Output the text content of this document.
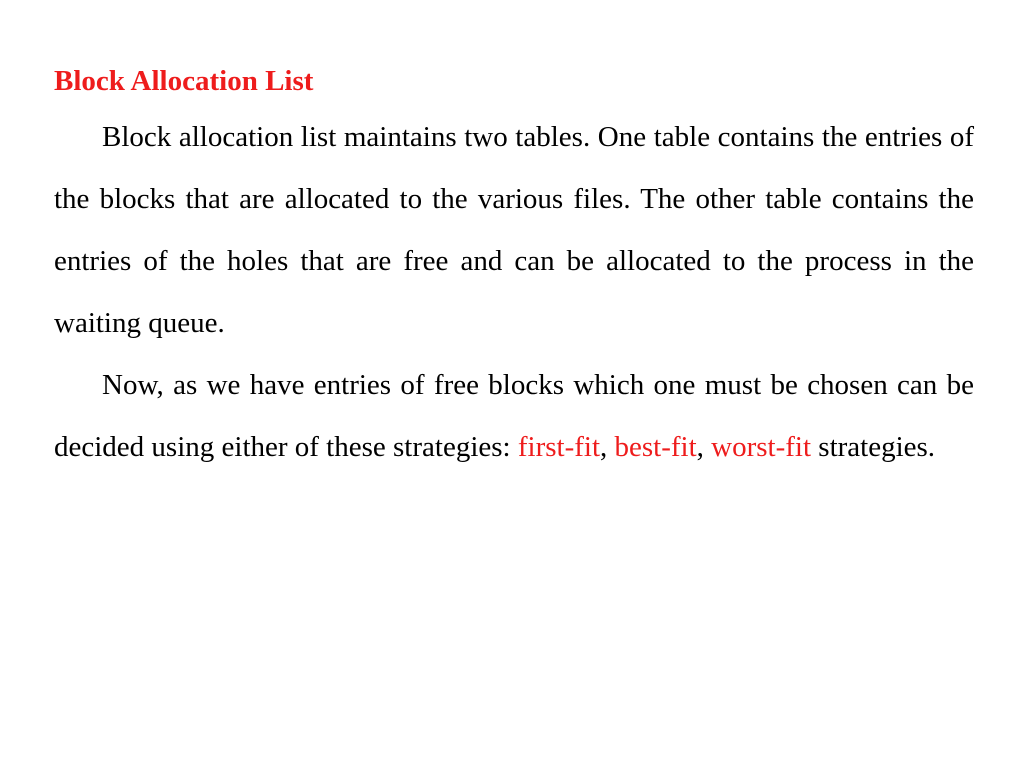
Block Allocation List

Block allocation list maintains two tables. One table contains the entries of the blocks that are allocated to the various files. The other table contains the entries of the holes that are free and can be allocated to the process in the waiting queue.

Now, as we have entries of free blocks which one must be chosen can be decided using either of these strategies: first-fit, best-fit, worst-fit strategies.
